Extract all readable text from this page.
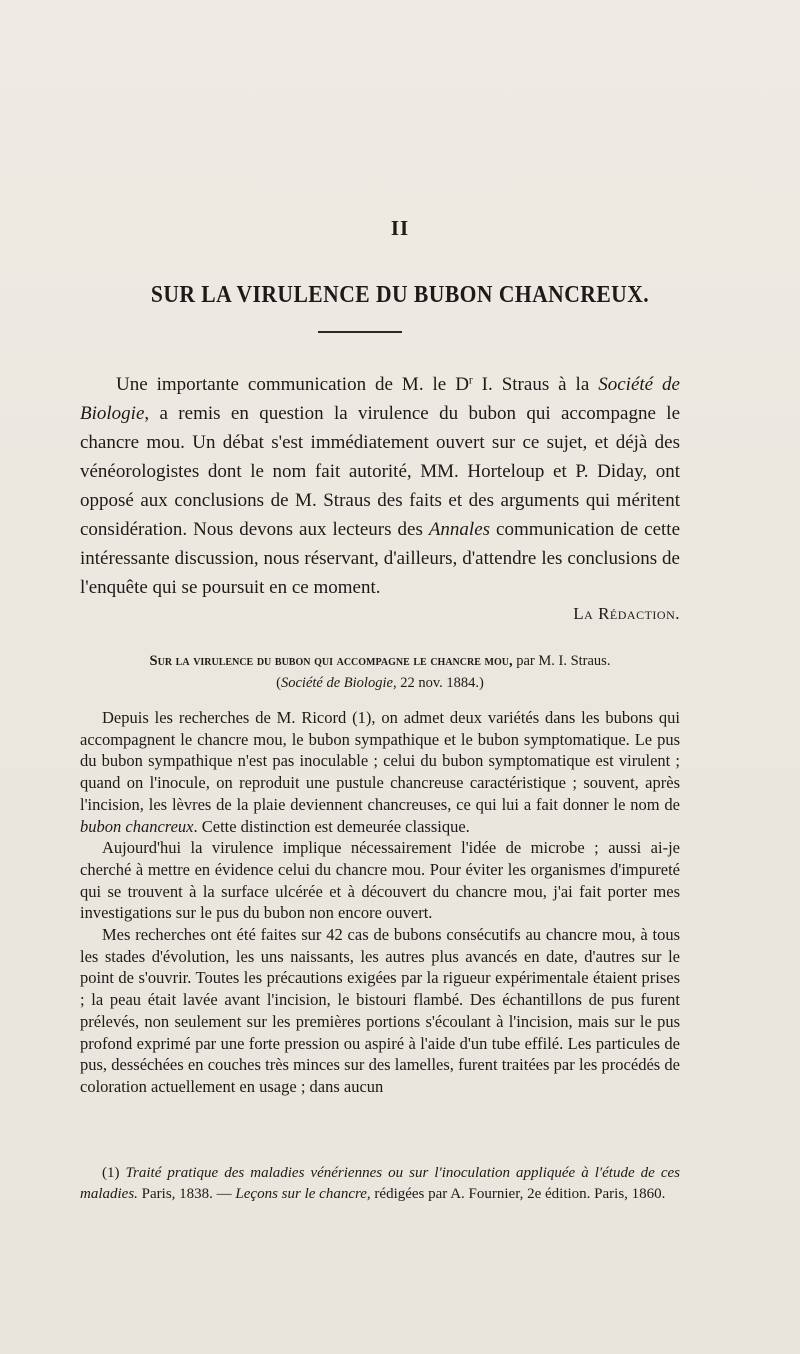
II
SUR LA VIRULENCE DU BUBON CHANCREUX.

Une importante communication de M. le $D^r$ I. Straus à la Société de Biologie, a remis en question la virulence du bubon qui accompagne le chancre mou. Un débat s'est immédiatement ouvert sur ce sujet, et déjà des vénéorologistes dont le nom fait autorité, MM. Horteloup et P. Diday, ont opposé aux conclusions de M. Straus des faits et des arguments qui méritent considération. Nous devons aux lecteurs des Annales communication de cette intéressante discussion, nous réservant, d'ailleurs, d'attendre les conclusions de l'enquête qui se poursuit en ce moment.

La Rédaction.
Sur la virulence du bubon qui accompagne le chancre mou, par M. I. Straus.
(Société de Biologie, 22 nov. 1884.)

Depuis les recherches de M. Ricord (1), on admet deux variétés dans les bubons qui accompagnent le chancre mou, le bubon sympathique et le bubon symptomatique. Le pus du bubon sympathique n'est pas inoculable ; celui du bubon symptomatique est virulent ; quand on l'inocule, on reproduit une pustule chancreuse caractéristique ; souvent, après l'incision, les lèvres de la plaie deviennent chancreuses, ce qui lui a fait donner le nom de bubon chancreux. Cette distinction est demeurée classique.

Aujourd'hui la virulence implique nécessairement l'idée de microbe ; aussi ai-je cherché à mettre en évidence celui du chancre mou. Pour éviter les organismes d'impureté qui se trouvent à la surface ulcérée et à découvert du chancre mou, j'ai fait porter mes investigations sur le pus du bubon non encore ouvert.

Mes recherches ont été faites sur 42 cas de bubons consécutifs au chancre mou, à tous les stades d'évolution, les uns naissants, les autres plus avancés en date, d'autres sur le point de s'ouvrir. Toutes les précautions exigées par la rigueur expérimentale étaient prises ; la peau était lavée avant l'incision, le bistouri flambé. Des échantillons de pus furent prélevés, non seulement sur les premières portions s'écoulant à l'incision, mais sur le pus profond exprimé par une forte pression ou aspiré à l'aide d'un tube effilé. Les particules de pus, desséchées en couches très minces sur des lamelles, furent traitées par les procédés de coloration actuellement en usage ; dans aucun

(1) Traité pratique des maladies vénériennes ou sur l'inoculation appliquée à l'étude de ces maladies. Paris, 1838. — Leçons sur le chancre, rédigées par A. Fournier, 2e édition. Paris, 1860.
